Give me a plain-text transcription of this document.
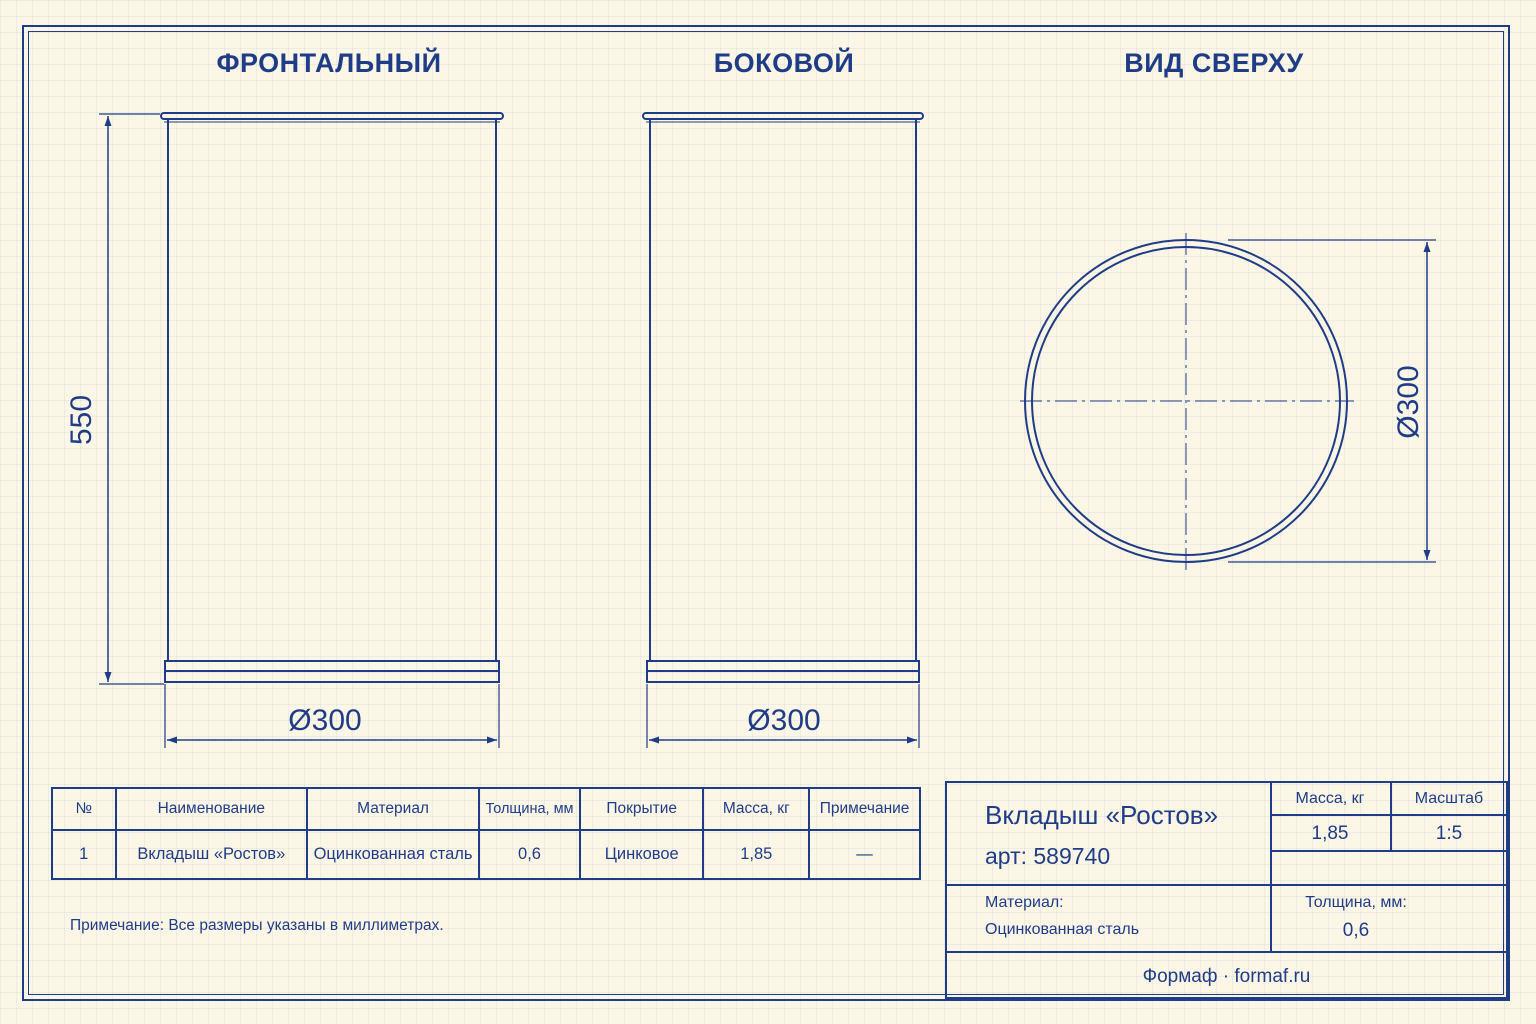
ФРОНТАЛЬНЫЙ	БОКОВОЙ	ВИД СВЕРХУ
550
Ø300	Ø300
Ø300
№	Наименование	Материал	Толщина, мм	Покрытие	Масса, кг	Примечание
1	Вкладыш «Ростов»	Оцинкованная сталь	0,6	Цинковое	1,85	—
Примечание: Все размеры указаны в миллиметрах.
Вкладыш «Ростов»
арт: 589740
Масса, кг
1,85
Масштаб
1:5
Материал:
Оцинкованная сталь
Толщина, мм:
0,6
Формаф · formaf.ru
